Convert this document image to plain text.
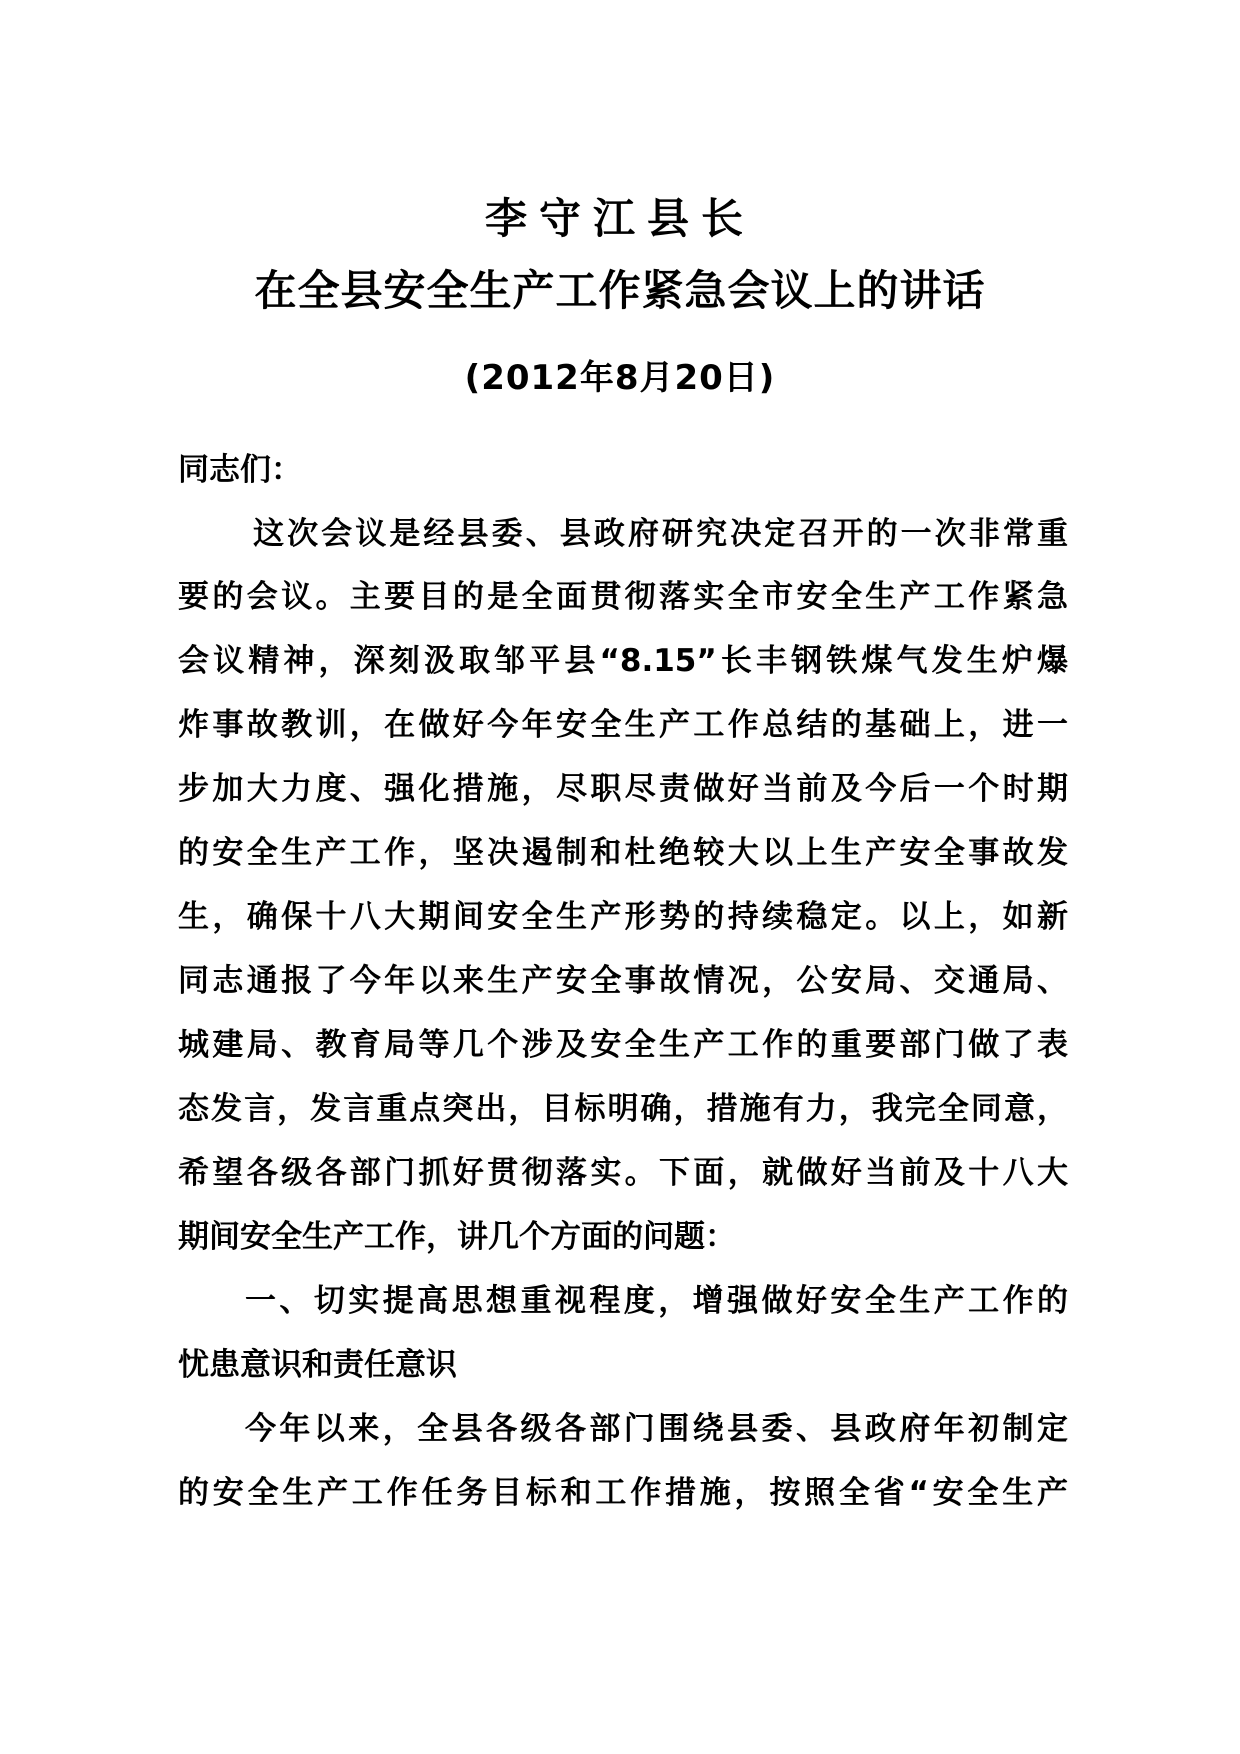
李守江县长
在全县安全生产工作紧急会议上的讲话
(2012年8月20日)
同志们：
这次会议是经县委、县政府研究决定召开的一次非常重
要的会议。主要目的是全面贯彻落实全市安全生产工作紧急
会议精神，深刻汲取邹平县“8.15”长丰钢铁煤气发生炉爆
炸事故教训，在做好今年安全生产工作总结的基础上，进一
步加大力度、强化措施，尽职尽责做好当前及今后一个时期
的安全生产工作，坚决遏制和杜绝较大以上生产安全事故发
生，确保十八大期间安全生产形势的持续稳定。以上，如新
同志通报了今年以来生产安全事故情况，公安局、交通局、
城建局、教育局等几个涉及安全生产工作的重要部门做了表
态发言，发言重点突出，目标明确，措施有力，我完全同意，
希望各级各部门抓好贯彻落实。下面，就做好当前及十八大
期间安全生产工作，讲几个方面的问题：
一、切实提高思想重视程度，增强做好安全生产工作的
忧患意识和责任意识
今年以来，全县各级各部门围绕县委、县政府年初制定
的安全生产工作任务目标和工作措施，按照全省“安全生产
